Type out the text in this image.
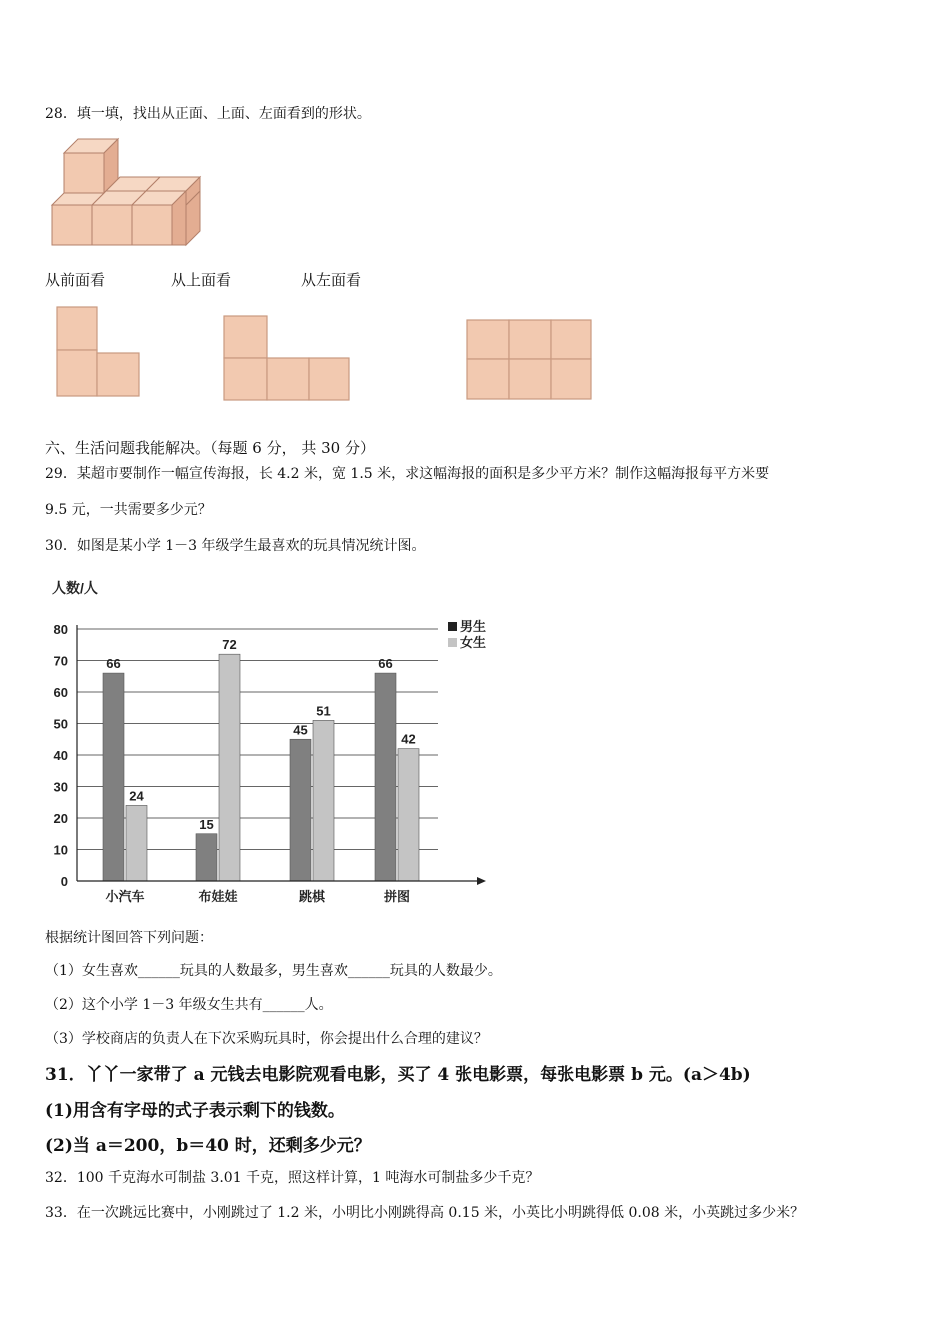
28．填一填，找出从正面、上面、左面看到的形状。
从前面看	从上面看	从左面看
六、生活问题我能解决。（每题 6 分， 共 30 分）
29．某超市要制作一幅宣传海报，长 4.2 米，宽 1.5 米，求这幅海报的面积是多少平方米？制作这幅海报每平方米要
9.5 元，一共需要多少元？
30．如图是某小学 1－3 年级学生最喜欢的玩具情况统计图。
人数/人
0
10
20
30
40
50
60
70
80
66
24
15
72
45
51
66
42
小汽车	布娃娃	跳棋	拼图
男生
女生
根据统计图回答下列问题：
（1）女生喜欢______玩具的人数最多，男生喜欢______玩具的人数最少。
（2）这个小学 1－3 年级女生共有______人。
（3）学校商店的负责人在下次采购玩具时，你会提出什么合理的建议？
31．丫丫一家带了 a 元钱去电影院观看电影，买了 4 张电影票，每张电影票 b 元。(a＞4b)
(1)用含有字母的式子表示剩下的钱数。
(2)当 a＝200，b＝40 时，还剩多少元？
32．100 千克海水可制盐 3.01 千克，照这样计算，1 吨海水可制盐多少千克？
33．在一次跳远比赛中，小刚跳过了 1.2 米，小明比小刚跳得高 0.15 米，小英比小明跳得低 0.08 米，小英跳过多少米？
